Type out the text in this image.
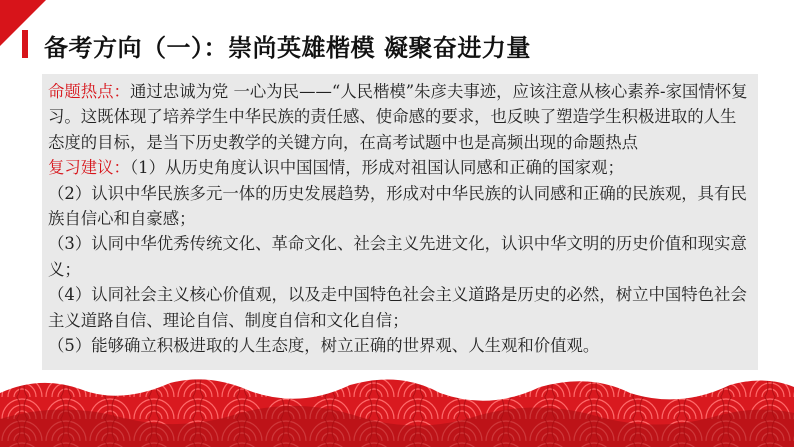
备考方向（一）：崇尚英雄楷模 凝聚奋进力量

命题热点：通过忠诚为党 一心为民——“人民楷模”朱彦夫事迹，应该注意从核心素养-家国情怀复习。这既体现了培养学生中华民族的责任感、使命感的要求，也反映了塑造学生积极进取的人生态度的目标，是当下历史教学的关键方向，在高考试题中也是高频出现的命题热点

复习建议：（1）从历史角度认识中国国情，形成对祖国认同感和正确的国家观；

（2）认识中华民族多元一体的历史发展趋势，形成对中华民族的认同感和正确的民族观，具有民族自信心和自豪感；

（3）认同中华优秀传统文化、革命文化、社会主义先进文化，认识中华文明的历史价值和现实意义；

（4）认同社会主义核心价值观，以及走中国特色社会主义道路是历史的必然，树立中国特色社会主义道路自信、理论自信、制度自信和文化自信；

（5）能够确立积极进取的人生态度，树立正确的世界观、人生观和价值观。
